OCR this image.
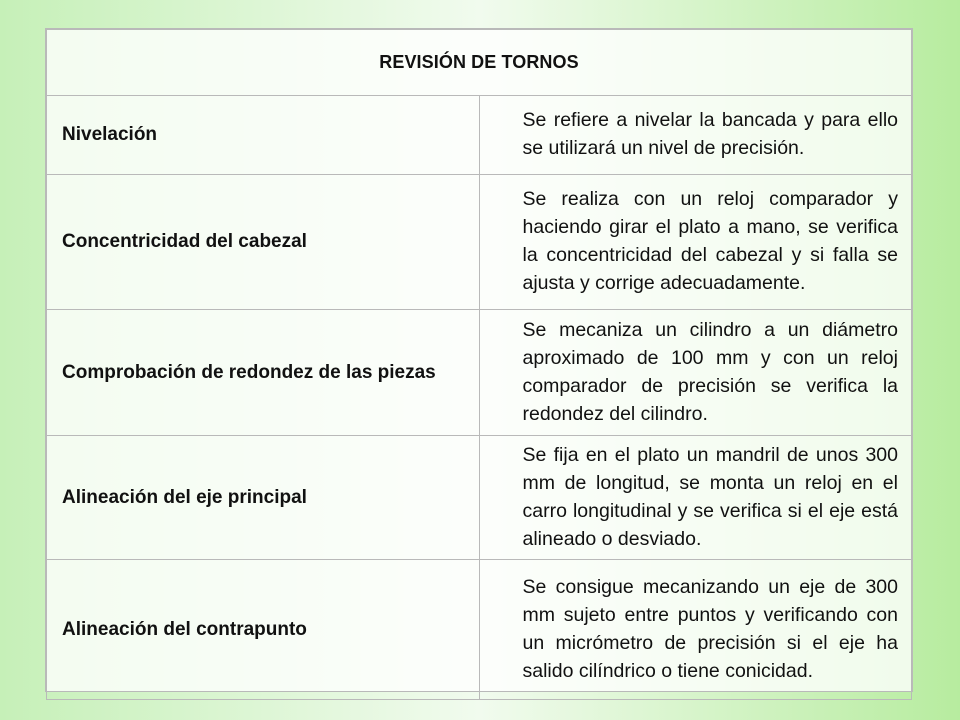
REVISIÓN DE TORNOS	

Nivelación	Se refiere a nivelar la bancada y para ello se utilizará un nivel de precisión.

Concentricidad del cabezal	Se realiza con un reloj comparador y haciendo girar el plato a mano, se verifica la concentricidad del cabezal y si falla se ajusta y corrige adecuadamente.

Comprobación de redondez de las piezas	Se mecaniza un cilindro a un diámetro aproximado de 100 mm y con un reloj comparador de precisión se verifica la redondez del cilindro.

Alineación del eje principal	Se fija en el plato un mandril de unos 300 mm de longitud, se monta un reloj en el carro longitudinal y se verifica si el eje está alineado o desviado.

Alineación del contrapunto	Se consigue mecanizando un eje de 300 mm sujeto entre puntos y verificando con un micrómetro de precisión si el eje ha salido cilíndrico o tiene conicidad.
